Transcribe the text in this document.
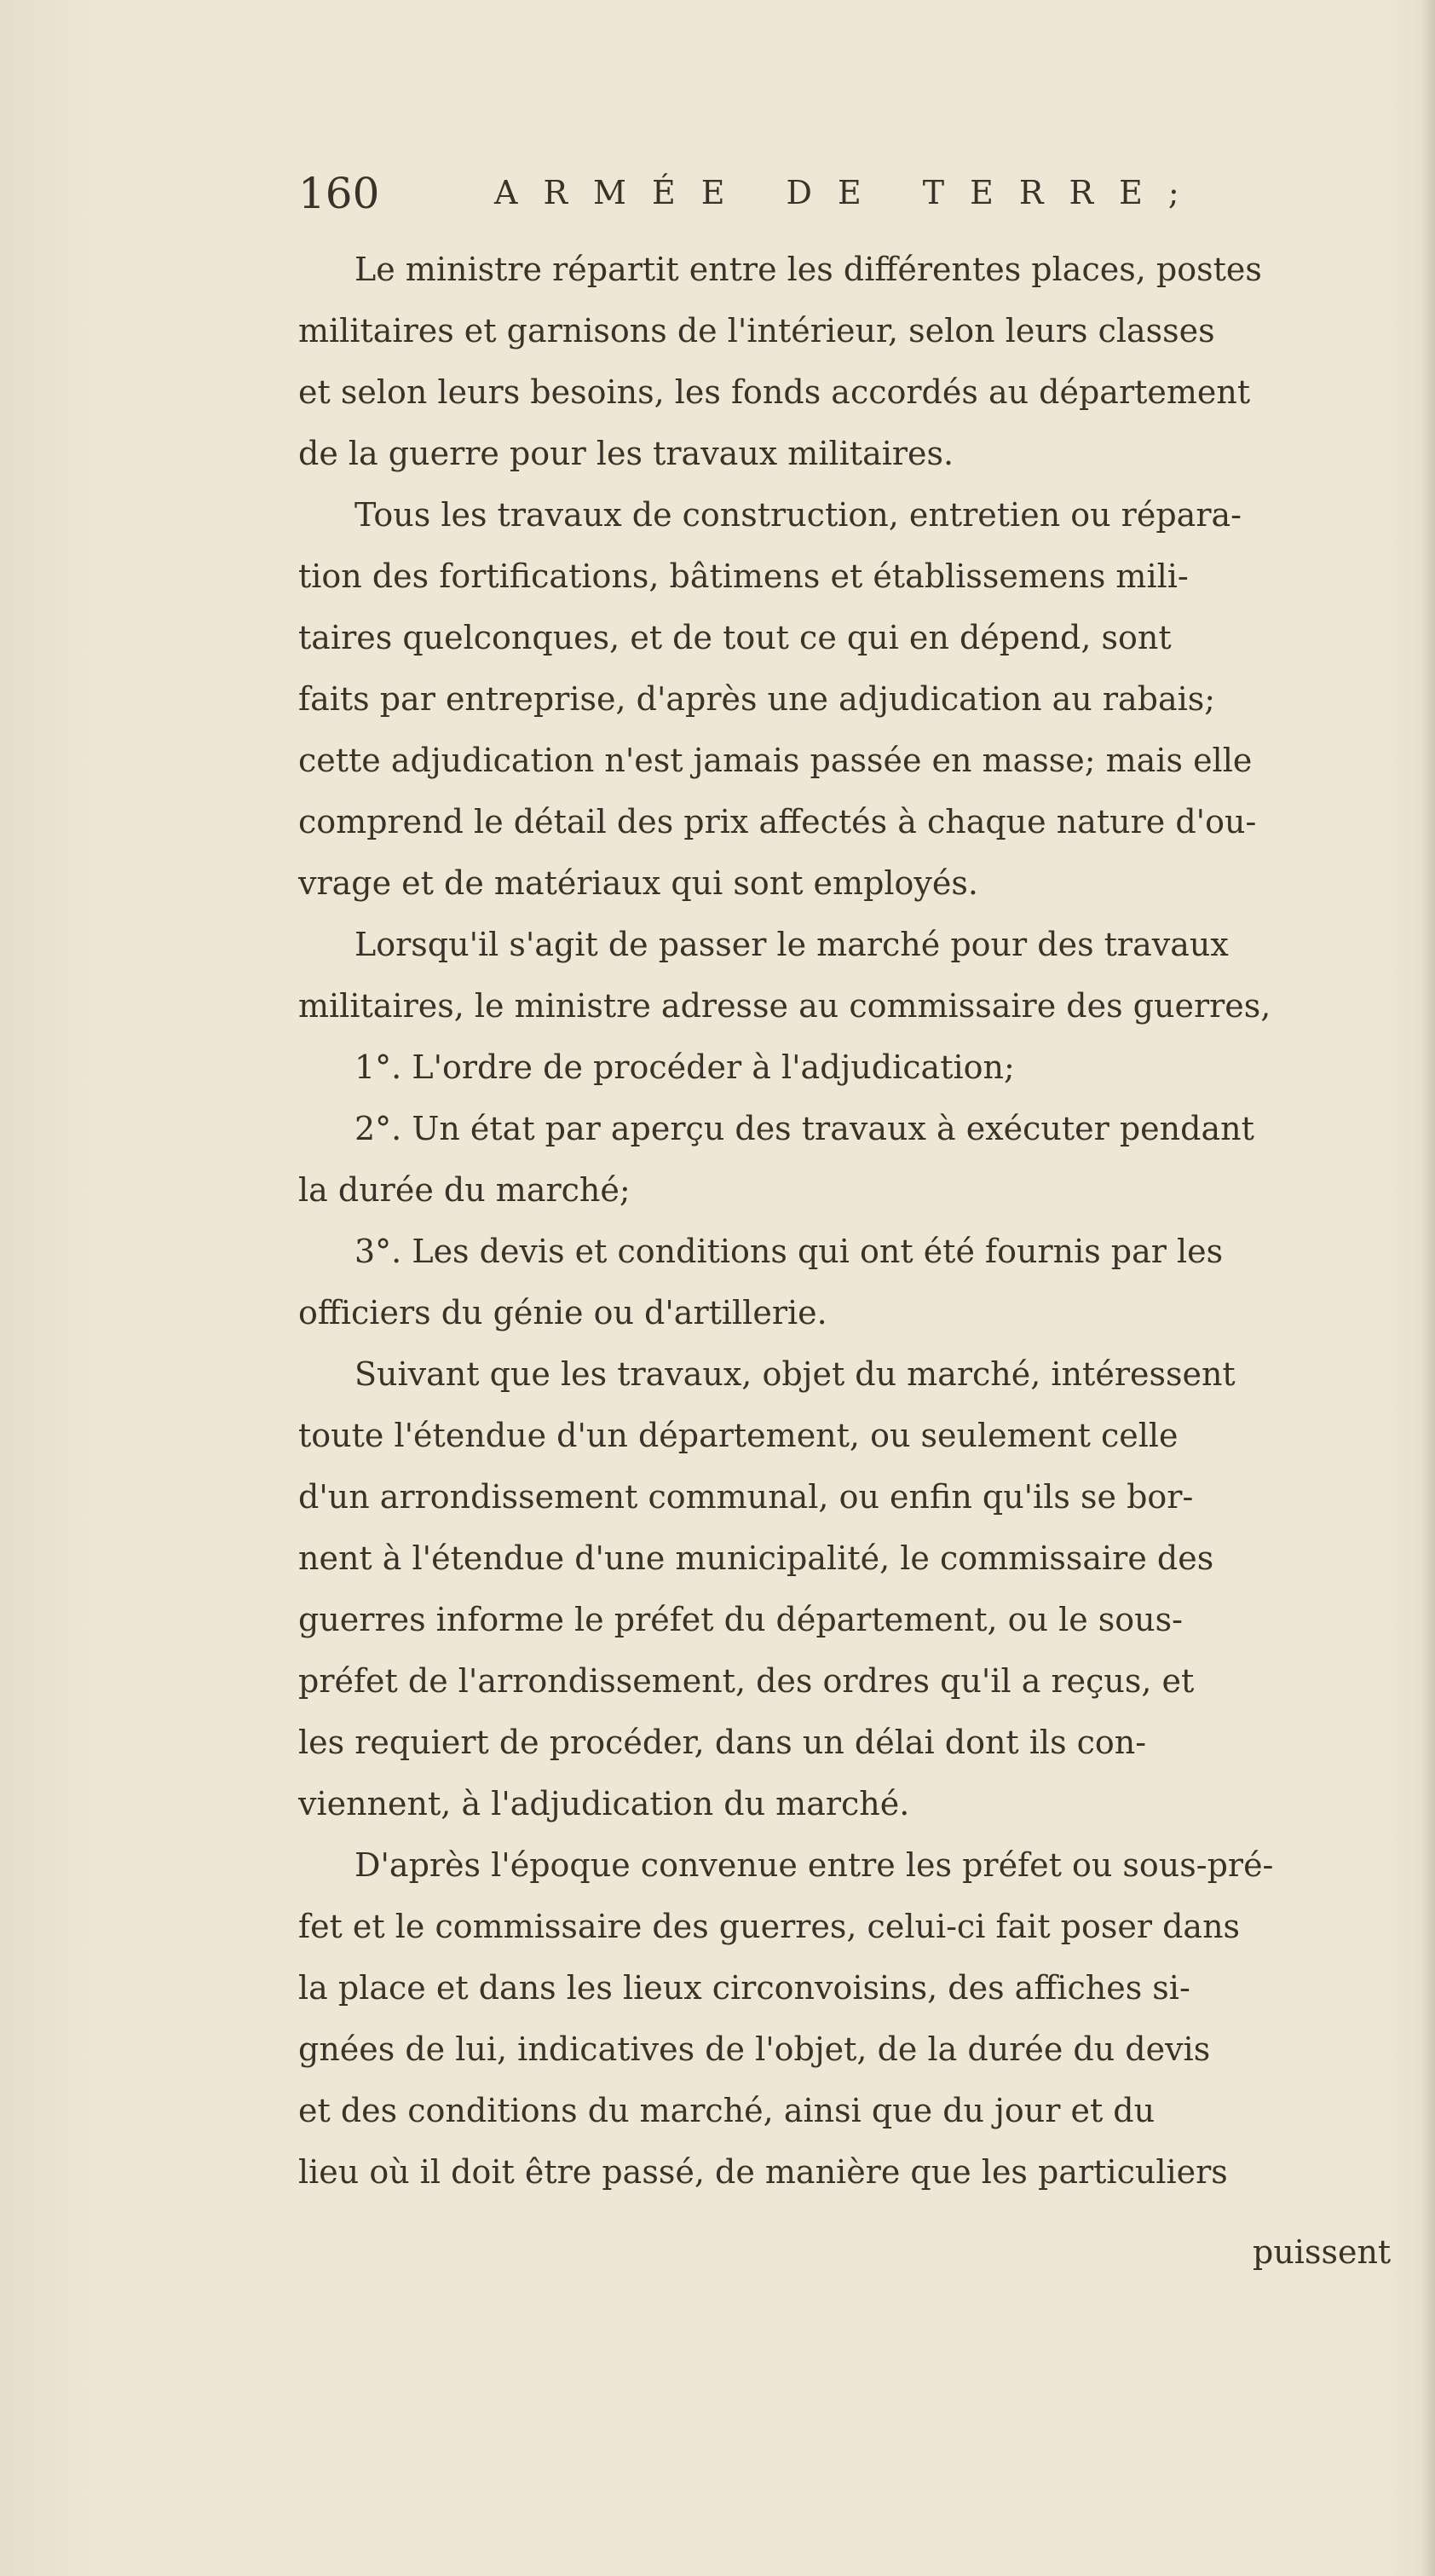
160	ARMÉE DE TERRE;
Le ministre répartit entre les différentes places, postes
militaires et garnisons de l'intérieur, selon leurs classes
et selon leurs besoins, les fonds accordés au département
de la guerre pour les travaux militaires.
Tous les travaux de construction, entretien ou répara-
tion des fortifications, bâtimens et établissemens mili-
taires quelconques, et de tout ce qui en dépend, sont
faits par entreprise, d'après une adjudication au rabais;
cette adjudication n'est jamais passée en masse; mais elle
comprend le détail des prix affectés à chaque nature d'ou-
vrage et de matériaux qui sont employés.
Lorsqu'il s'agit de passer le marché pour des travaux
militaires, le ministre adresse au commissaire des guerres,
1°. L'ordre de procéder à l'adjudication;
2°. Un état par aperçu des travaux à exécuter pendant
la durée du marché;
3°. Les devis et conditions qui ont été fournis par les
officiers du génie ou d'artillerie.
Suivant que les travaux, objet du marché, intéressent
toute l'étendue d'un département, ou seulement celle
d'un arrondissement communal, ou enfin qu'ils se bor-
nent à l'étendue d'une municipalité, le commissaire des
guerres informe le préfet du département, ou le sous-
préfet de l'arrondissement, des ordres qu'il a reçus, et
les requiert de procéder, dans un délai dont ils con-
viennent, à l'adjudication du marché.
D'après l'époque convenue entre les préfet ou sous-pré-
fet et le commissaire des guerres, celui-ci fait poser dans
la place et dans les lieux circonvoisins, des affiches si-
gnées de lui, indicatives de l'objet, de la durée du devis
et des conditions du marché, ainsi que du jour et du
lieu où il doit être passé, de manière que les particuliers
puissent
